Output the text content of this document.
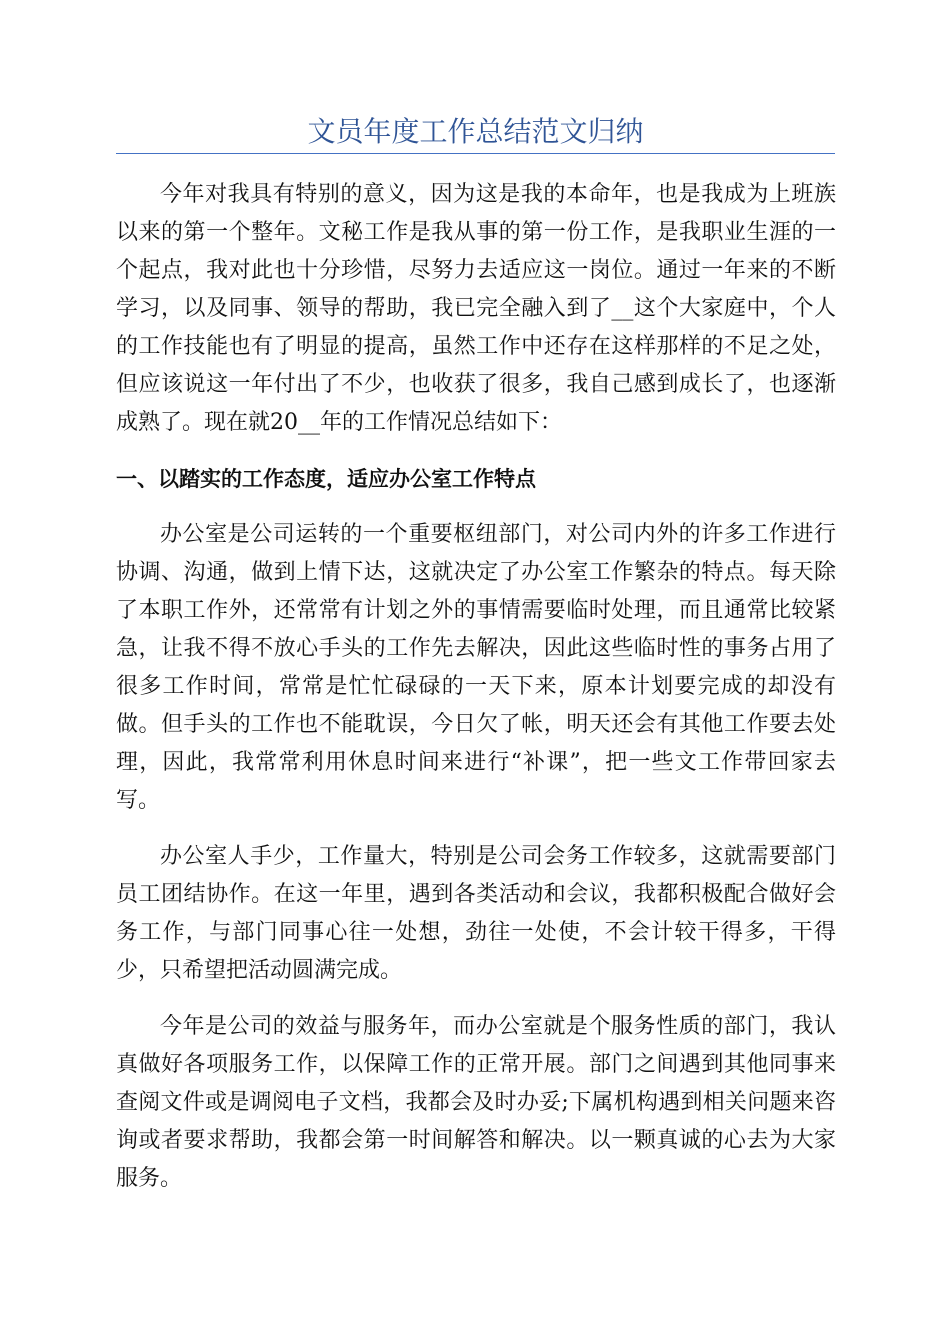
文员年度工作总结范文归纳

今年对我具有特别的意义，因为这是我的本命年，也是我成为上班族以来的第一个整年。文秘工作是我从事的第一份工作，是我职业生涯的一个起点，我对此也十分珍惜，尽努力去适应这一岗位。通过一年来的不断学习，以及同事、领导的帮助，我已完全融入到了__这个大家庭中，个人的工作技能也有了明显的提高，虽然工作中还存在这样那样的不足之处，但应该说这一年付出了不少，也收获了很多，我自己感到成长了，也逐渐成熟了。现在就20__年的工作情况总结如下：

一、以踏实的工作态度，适应办公室工作特点

办公室是公司运转的一个重要枢纽部门，对公司内外的许多工作进行协调、沟通，做到上情下达，这就决定了办公室工作繁杂的特点。每天除了本职工作外，还常常有计划之外的事情需要临时处理，而且通常比较紧急，让我不得不放心手头的工作先去解决，因此这些临时性的事务占用了很多工作时间，常常是忙忙碌碌的一天下来，原本计划要完成的却没有做。但手头的工作也不能耽误，今日欠了帐，明天还会有其他工作要去处理，因此，我常常利用休息时间来进行“补课”，把一些文工作带回家去写。

办公室人手少，工作量大，特别是公司会务工作较多，这就需要部门员工团结协作。在这一年里，遇到各类活动和会议，我都积极配合做好会务工作，与部门同事心往一处想，劲往一处使，不会计较干得多，干得少，只希望把活动圆满完成。

今年是公司的效益与服务年，而办公室就是个服务性质的部门，我认真做好各项服务工作，以保障工作的正常开展。部门之间遇到其他同事来查阅文件或是调阅电子文档，我都会及时办妥;下属机构遇到相关问题来咨询或者要求帮助，我都会第一时间解答和解决。以一颗真诚的心去为大家服务。
